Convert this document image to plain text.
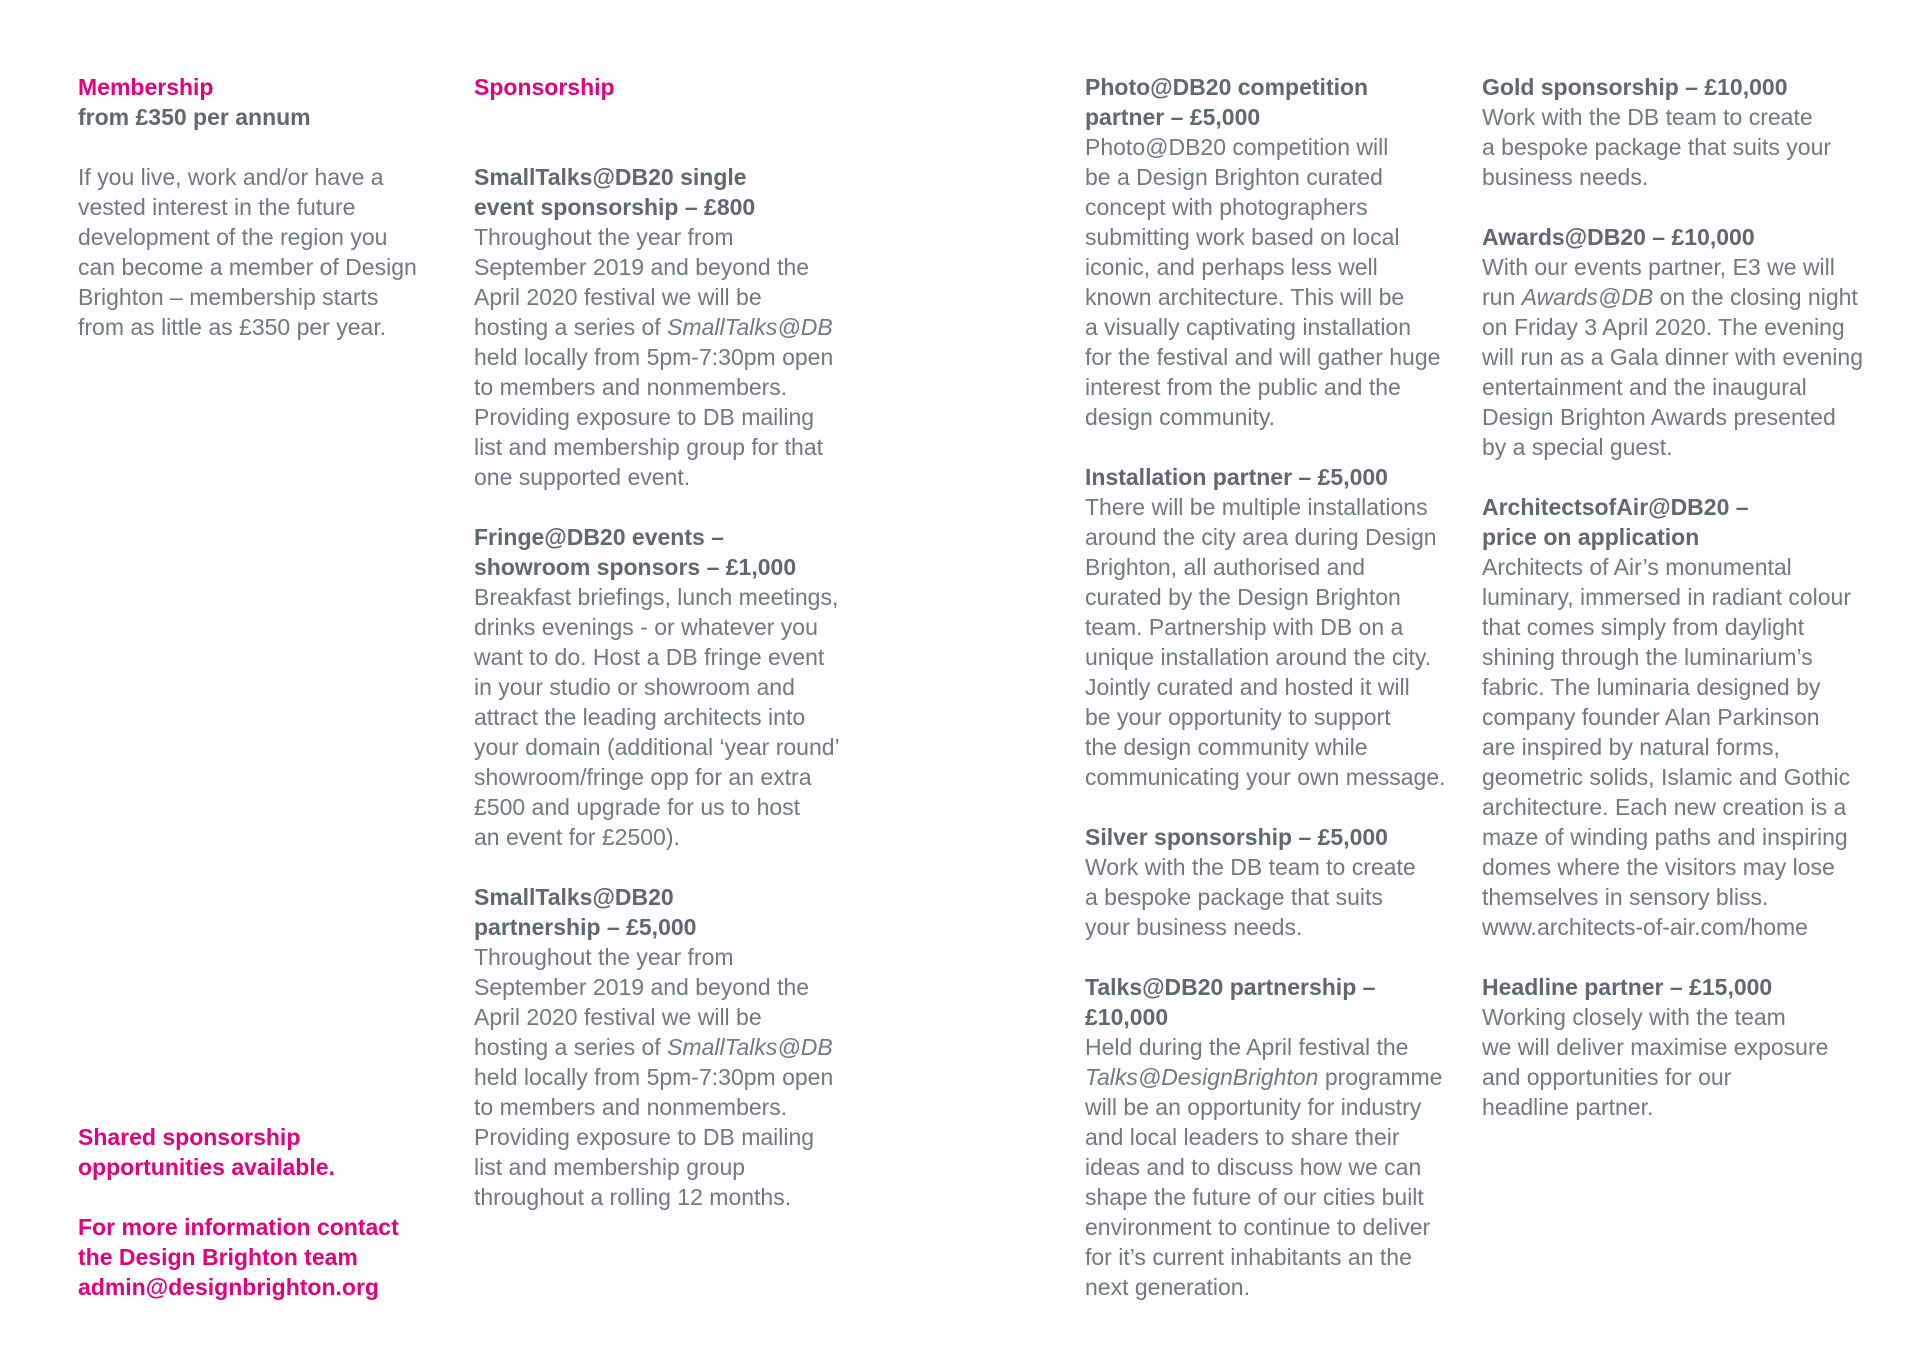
Membership
from £350 per annum
If you live, work and/or have a
vested interest in the future
development of the region you
can become a member of Design
Brighton – membership starts
from as little as £350 per year.
Shared sponsorship
opportunities available.
For more information contact
the Design Brighton team
admin@designbrighton.org
Sponsorship
SmallTalks@DB20 single
event sponsorship – £800
Throughout the year from
September 2019 and beyond the
April 2020 festival we will be
hosting a series of SmallTalks@DB
held locally from 5pm-7:30pm open
to members and nonmembers.
Providing exposure to DB mailing
list and membership group for that
one supported event.
Fringe@DB20 events –
showroom sponsors – £1,000
Breakfast briefings, lunch meetings,
drinks evenings - or whatever you
want to do. Host a DB fringe event
in your studio or showroom and
attract the leading architects into
your domain (additional ‘year round’
showroom/fringe opp for an extra
£500 and upgrade for us to host
an event for £2500).
SmallTalks@DB20
partnership – £5,000
Throughout the year from
September 2019 and beyond the
April 2020 festival we will be
hosting a series of SmallTalks@DB
held locally from 5pm-7:30pm open
to members and nonmembers.
Providing exposure to DB mailing
list and membership group
throughout a rolling 12 months.
Photo@DB20 competition
partner – £5,000
Photo@DB20 competition will
be a Design Brighton curated
concept with photographers
submitting work based on local
iconic, and perhaps less well
known architecture. This will be
a visually captivating installation
for the festival and will gather huge
interest from the public and the
design community.
Installation partner – £5,000
There will be multiple installations
around the city area during Design
Brighton, all authorised and
curated by the Design Brighton
team. Partnership with DB on a
unique installation around the city.
Jointly curated and hosted it will
be your opportunity to support
the design community while
communicating your own message.
Silver sponsorship – £5,000
Work with the DB team to create
a bespoke package that suits
your business needs.
Talks@DB20 partnership –
£10,000
Held during the April festival the
Talks@DesignBrighton programme
will be an opportunity for industry
and local leaders to share their
ideas and to discuss how we can
shape the future of our cities built
environment to continue to deliver
for it’s current inhabitants an the
next generation.
Gold sponsorship – £10,000
Work with the DB team to create
a bespoke package that suits your
business needs.
Awards@DB20 – £10,000
With our events partner, E3 we will
run Awards@DB on the closing night
on Friday 3 April 2020. The evening
will run as a Gala dinner with evening
entertainment and the inaugural
Design Brighton Awards presented
by a special guest.
ArchitectsofAir@DB20 –
price on application
Architects of Air’s monumental
luminary, immersed in radiant colour
that comes simply from daylight
shining through the luminarium’s
fabric. The luminaria designed by
company founder Alan Parkinson
are inspired by natural forms,
geometric solids, Islamic and Gothic
architecture. Each new creation is a
maze of winding paths and inspiring
domes where the visitors may lose
themselves in sensory bliss.
www.architects-of-air.com/home
Headline partner – £15,000
Working closely with the team
we will deliver maximise exposure
and opportunities for our
headline partner.
